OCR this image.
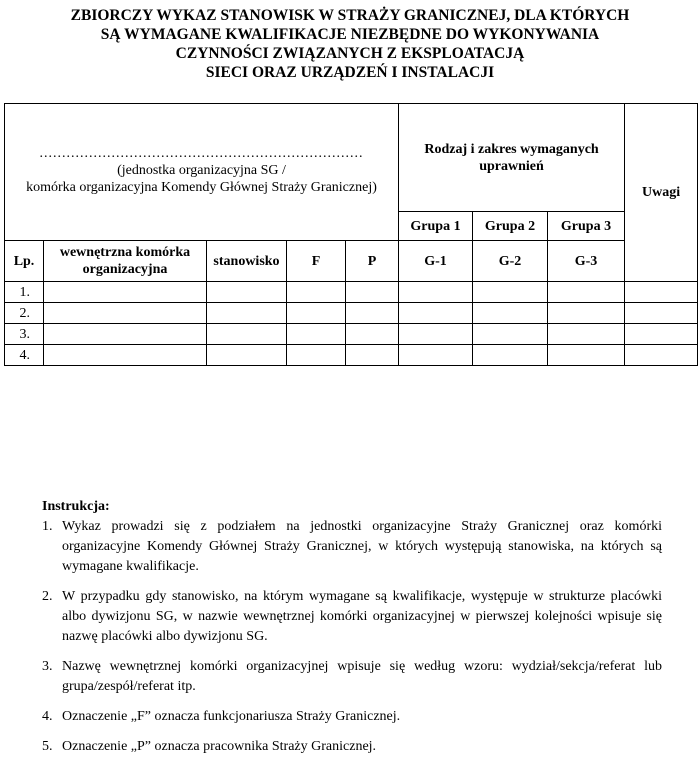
ZBIORCZY WYKAZ STANOWISK W STRAŻY GRANICZNEJ, DLA KTÓRYCH
SĄ WYMAGANE KWALIFIKACJE NIEZBĘDNE DO WYKONYWANIA
CZYNNOŚCI ZWIĄZANYCH Z EKSPLOATACJĄ
SIECI ORAZ URZĄDZEŃ I INSTALACJI
........................................................................
(jednostka organizacyjna SG /
komórka organizacyjna Komendy Głównej Straży Granicznej)					Rodzaj i zakres wymaganych uprawnień			Uwagi
					Grupa 1	Grupa 2	Grupa 3	
Lp.	wewnętrzna komórka organizacyjna	stanowisko	F	P	G-1	G-2	G-3	
1.								
2.								
3.								
4.								
Instrukcja:
1. Wykaz prowadzi się z podziałem na jednostki organizacyjne Straży Granicznej oraz komórki organizacyjne Komendy Głównej Straży Granicznej, w których występują stanowiska, na których są wymagane kwalifikacje.
2. W przypadku gdy stanowisko, na którym wymagane są kwalifikacje, występuje w strukturze placówki albo dywizjonu SG, w nazwie wewnętrznej komórki organizacyjnej w pierwszej kolejności wpisuje się nazwę placówki albo dywizjonu SG.
3. Nazwę wewnętrznej komórki organizacyjnej wpisuje się według wzoru: wydział/sekcja/referat lub grupa/zespół/referat itp.
4. Oznaczenie „F” oznacza funkcjonariusza Straży Granicznej.
5. Oznaczenie „P” oznacza pracownika Straży Granicznej.
